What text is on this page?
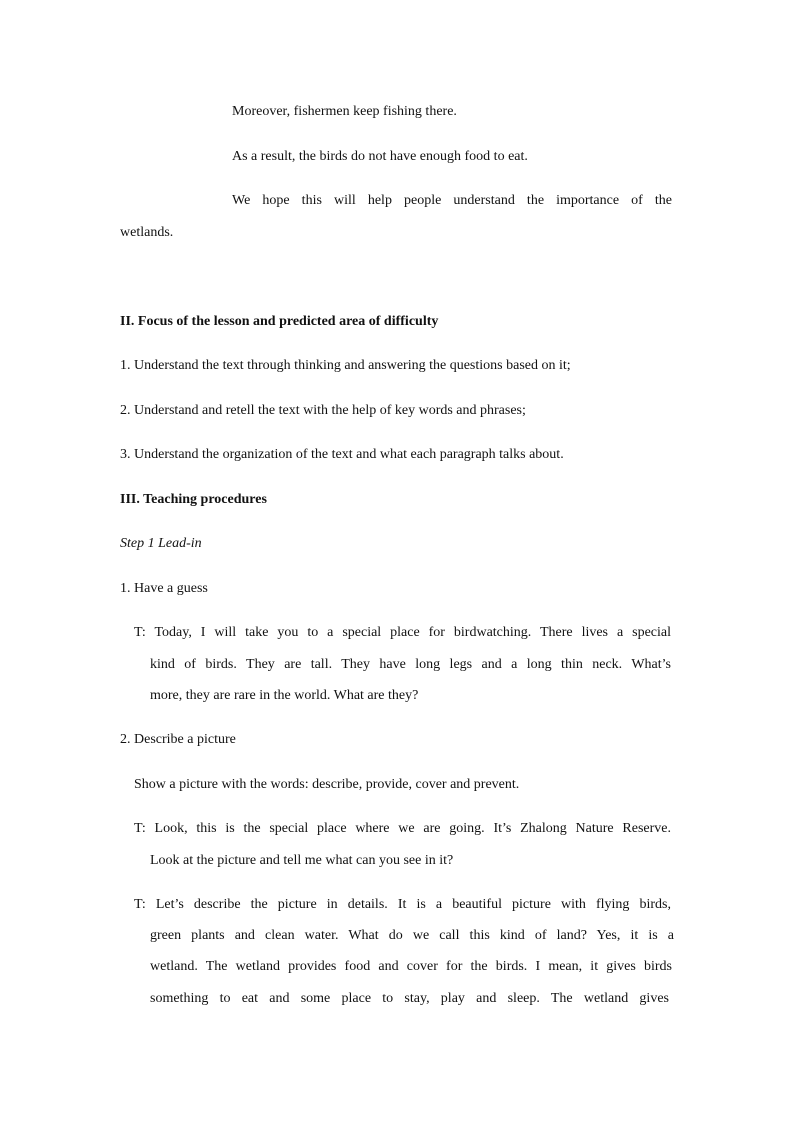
Moreover, fishermen keep fishing there.
As a result, the birds do not have enough food to eat.
We hope this will help people understand the importance of the
wetlands.
II. Focus of the lesson and predicted area of difficulty
1. Understand the text through thinking and answering the questions based on it;
2. Understand and retell the text with the help of key words and phrases;
3. Understand the organization of the text and what each paragraph talks about.
III. Teaching procedures
Step 1 Lead-in
1. Have a guess
T: Today, I will take you to a special place for birdwatching. There lives a special
kind of birds. They are tall. They have long legs and a long thin neck. What’s
more, they are rare in the world. What are they?
2. Describe a picture
Show a picture with the words: describe, provide, cover and prevent.
T: Look, this is the special place where we are going. It’s Zhalong Nature Reserve.
Look at the picture and tell me what can you see in it?
T: Let’s describe the picture in details. It is a beautiful picture with flying birds,
green plants and clean water. What do we call this kind of land? Yes, it is a
wetland. The wetland provides food and cover for the birds. I mean, it gives birds
something to eat and some place to stay, play and sleep. The wetland gives
